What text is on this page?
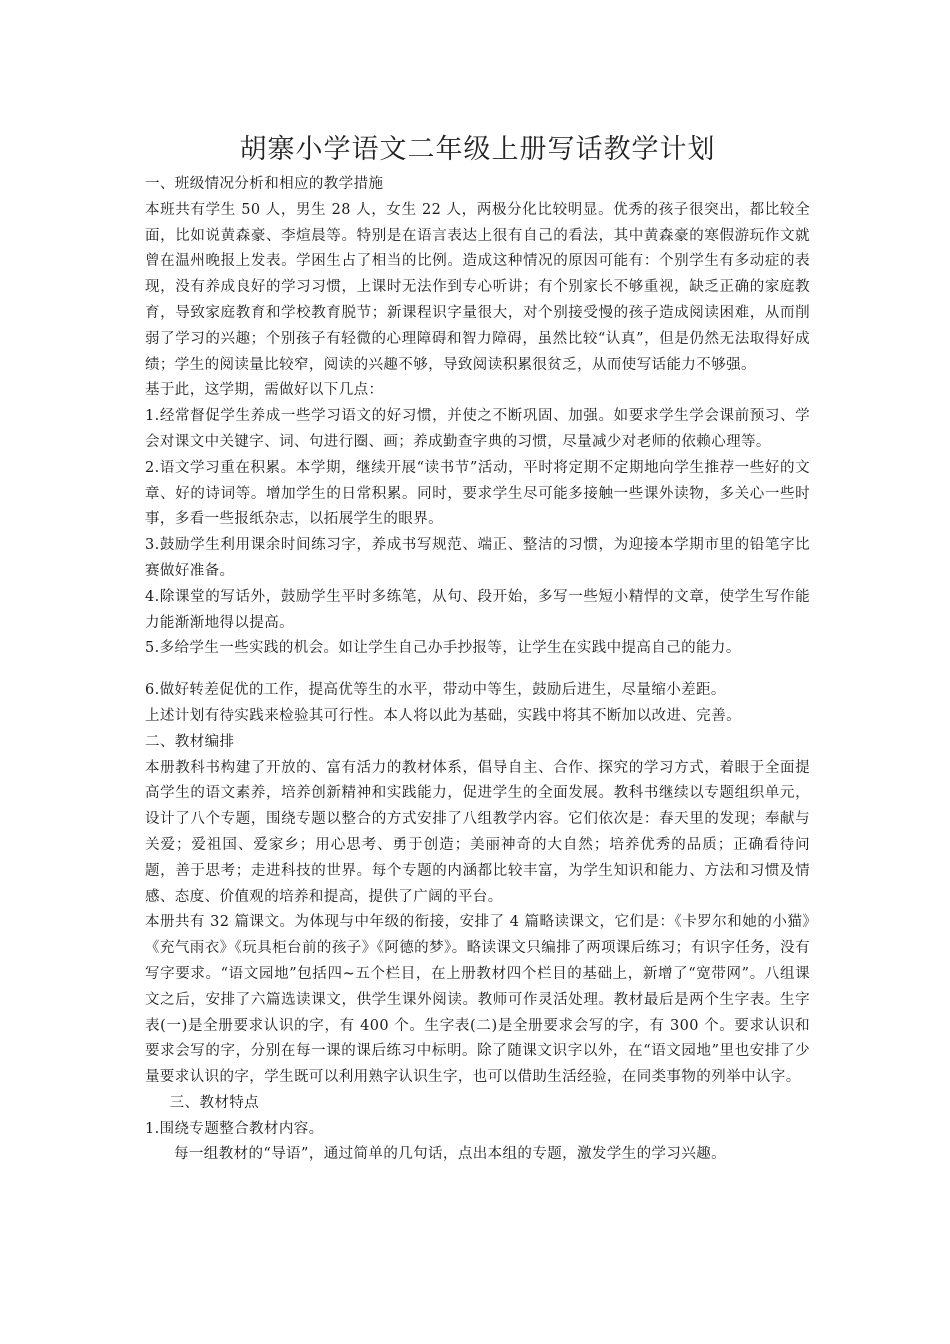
胡寨小学语文二年级上册写话教学计划

一、班级情况分析和相应的教学措施

本班共有学生 50 人，男生 28 人，女生 22 人，两极分化比较明显。优秀的孩子很突出，都比较全面，比如说黄森豪、李煊晨等。特别是在语言表达上很有自己的看法，其中黄森豪的寒假游玩作文就曾在温州晚报上发表。学困生占了相当的比例。造成这种情况的原因可能有：个别学生有多动症的表现，没有养成良好的学习习惯，上课时无法作到专心听讲；有个别家长不够重视，缺乏正确的家庭教育，导致家庭教育和学校教育脱节；新课程识字量很大，对个别接受慢的孩子造成阅读困难，从而削弱了学习的兴趣；个别孩子有轻微的心理障碍和智力障碍，虽然比较“认真”，但是仍然无法取得好成绩；学生的阅读量比较窄，阅读的兴趣不够，导致阅读积累很贫乏，从而使写话能力不够强。

基于此，这学期，需做好以下几点：

1.经常督促学生养成一些学习语文的好习惯，并使之不断巩固、加强。如要求学生学会课前预习、学会对课文中关键字、词、句进行圈、画；养成勤查字典的习惯，尽量减少对老师的依赖心理等。

2.语文学习重在积累。本学期，继续开展“读书节”活动，平时将定期不定期地向学生推荐一些好的文章、好的诗词等。增加学生的日常积累。同时，要求学生尽可能多接触一些课外读物，多关心一些时事，多看一些报纸杂志，以拓展学生的眼界。

3.鼓励学生利用课余时间练习字，养成书写规范、端正、整洁的习惯，为迎接本学期市里的铅笔字比赛做好准备。

4.除课堂的写话外，鼓励学生平时多练笔，从句、段开始，多写一些短小精悍的文章，使学生写作能力能渐渐地得以提高。

5.多给学生一些实践的机会。如让学生自己办手抄报等，让学生在实践中提高自己的能力。

6.做好转差促优的工作，提高优等生的水平，带动中等生，鼓励后进生，尽量缩小差距。

上述计划有待实践来检验其可行性。本人将以此为基础，实践中将其不断加以改进、完善。

二、教材编排

本册教科书构建了开放的、富有活力的教材体系，倡导自主、合作、探究的学习方式，着眼于全面提高学生的语文素养，培养创新精神和实践能力，促进学生的全面发展。教科书继续以专题组织单元，设计了八个专题，围绕专题以整合的方式安排了八组教学内容。它们依次是：春天里的发现；奉献与关爱；爱祖国、爱家乡；用心思考、勇于创造；美丽神奇的大自然；培养优秀的品质；正确看待问题，善于思考；走进科技的世界。每个专题的内涵都比较丰富，为学生知识和能力、方法和习惯及情感、态度、价值观的培养和提高，提供了广阔的平台。

本册共有 32 篇课文。为体现与中年级的衔接，安排了 4 篇略读课文，它们是：《卡罗尔和她的小猫》《充气雨衣》《玩具柜台前的孩子》《阿德的梦》。略读课文只编排了两项课后练习；有识字任务，没有写字要求。“语文园地”包括四~五个栏目，在上册教材四个栏目的基础上，新增了“宽带网”。八组课文之后，安排了六篇选读课文，供学生课外阅读。教师可作灵活处理。教材最后是两个生字表。生字表(一)是全册要求认识的字，有 400 个。生字表(二)是全册要求会写的字，有 300 个。要求认识和要求会写的字，分别在每一课的课后练习中标明。除了随课文识字以外，在“语文园地”里也安排了少量要求认识的字，学生既可以利用熟字认识生字，也可以借助生活经验，在同类事物的列举中认字。

三、教材特点

1.围绕专题整合教材内容。

每一组教材的“导语”，通过简单的几句话，点出本组的专题，激发学生的学习兴趣。
